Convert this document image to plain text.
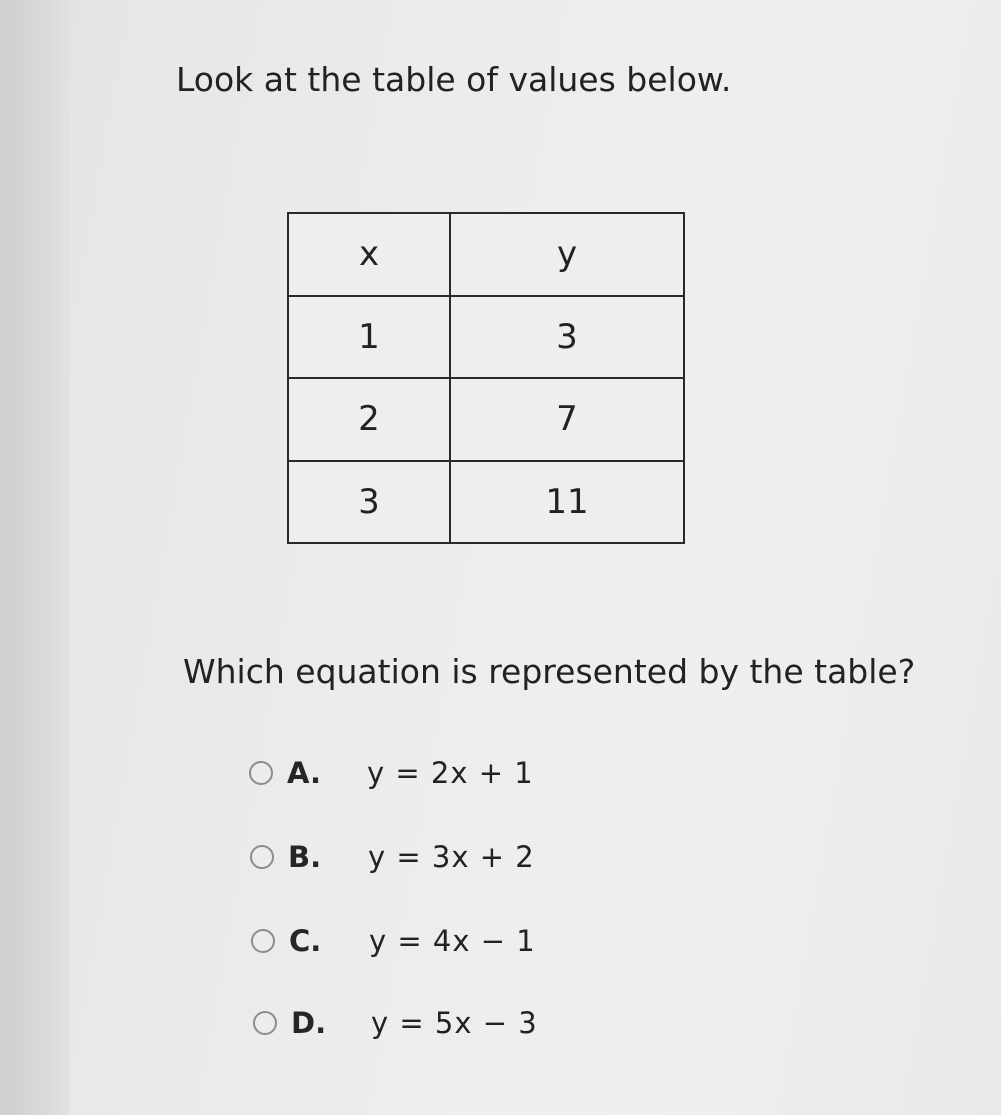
Look at the table of values below.
x	y
1	3
2	7
3	11
Which equation is represented by the table?
A.	y = 2x + 1
B.	y = 3x + 2
C.	y = 4x − 1
D.	y = 5x − 3
